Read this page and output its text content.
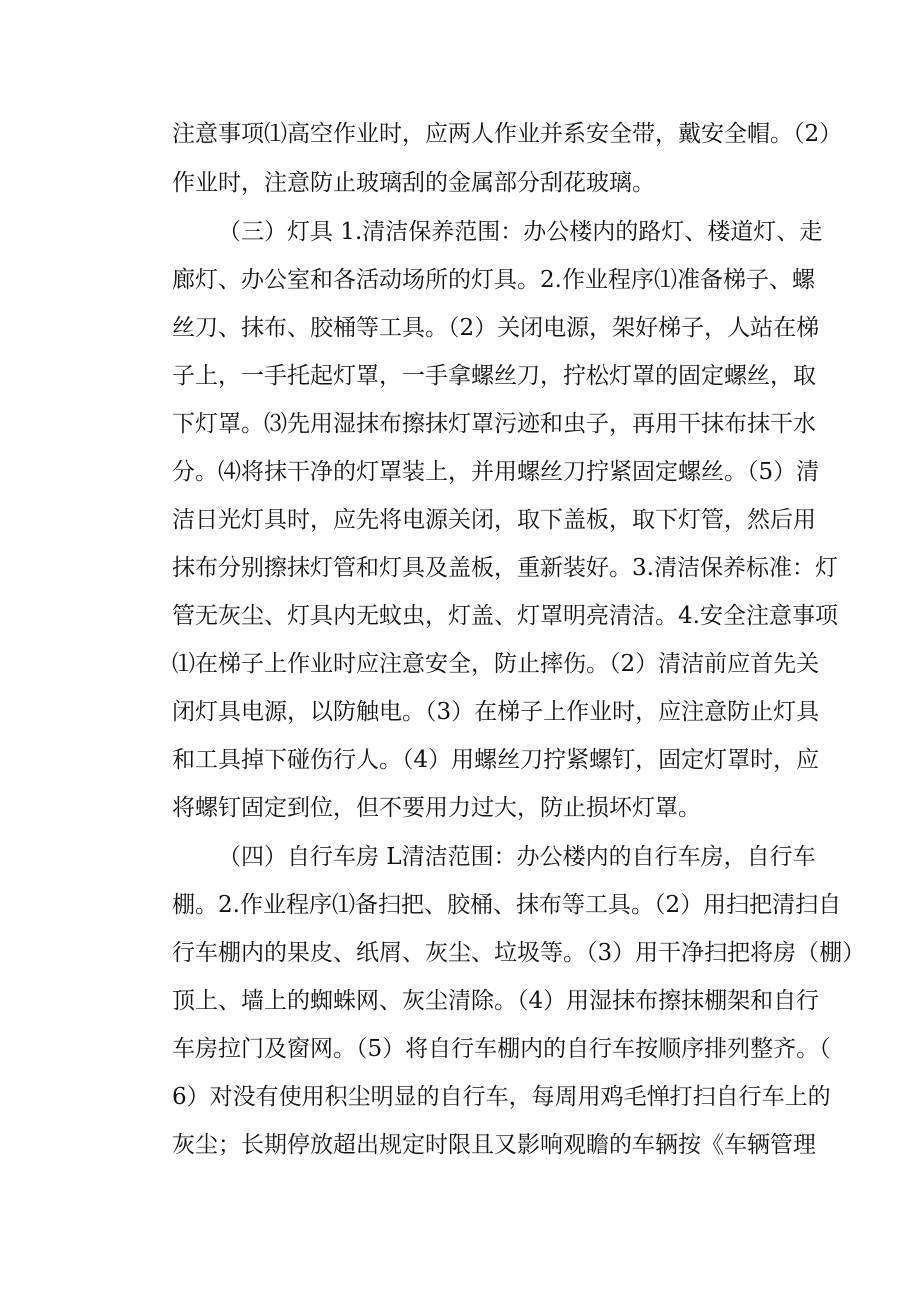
注意事项⑴高空作业时，应两人作业并系安全带，戴安全帽。（2）
作业时，注意防止玻璃刮的金属部分刮花玻璃。
（三）灯具 1.清洁保养范围：办公楼内的路灯、楼道灯、走
廊灯、办公室和各活动场所的灯具。2.作业程序⑴准备梯子、螺
丝刀、抹布、胶桶等工具。（2）关闭电源，架好梯子，人站在梯
子上，一手托起灯罩，一手拿螺丝刀，拧松灯罩的固定螺丝，取
下灯罩。⑶先用湿抹布擦抹灯罩污迹和虫子，再用干抹布抹干水
分。⑷将抹干净的灯罩装上，并用螺丝刀拧紧固定螺丝。（5）清
洁日光灯具时，应先将电源关闭，取下盖板，取下灯管，然后用
抹布分别擦抹灯管和灯具及盖板，重新装好。3.清洁保养标准：灯
管无灰尘、灯具内无蚊虫，灯盖、灯罩明亮清洁。4.安全注意事项
⑴在梯子上作业时应注意安全，防止摔伤。（2）清洁前应首先关
闭灯具电源，以防触电。（3）在梯子上作业时，应注意防止灯具
和工具掉下碰伤行人。（4）用螺丝刀拧紧螺钉，固定灯罩时，应
将螺钉固定到位，但不要用力过大，防止损坏灯罩。
（四）自行车房 L清洁范围：办公楼内的自行车房，自行车
棚。2.作业程序⑴备扫把、胶桶、抹布等工具。（2）用扫把清扫自
行车棚内的果皮、纸屑、灰尘、垃圾等。（3）用干净扫把将房（棚）
顶上、墙上的蜘蛛网、灰尘清除。（4）用湿抹布擦抹棚架和自行
车房拉门及窗网。（5）将自行车棚内的自行车按顺序排列整齐。（
6）对没有使用积尘明显的自行车，每周用鸡毛惮打扫自行车上的
灰尘；长期停放超出规定时限且又影响观瞻的车辆按《车辆管理
